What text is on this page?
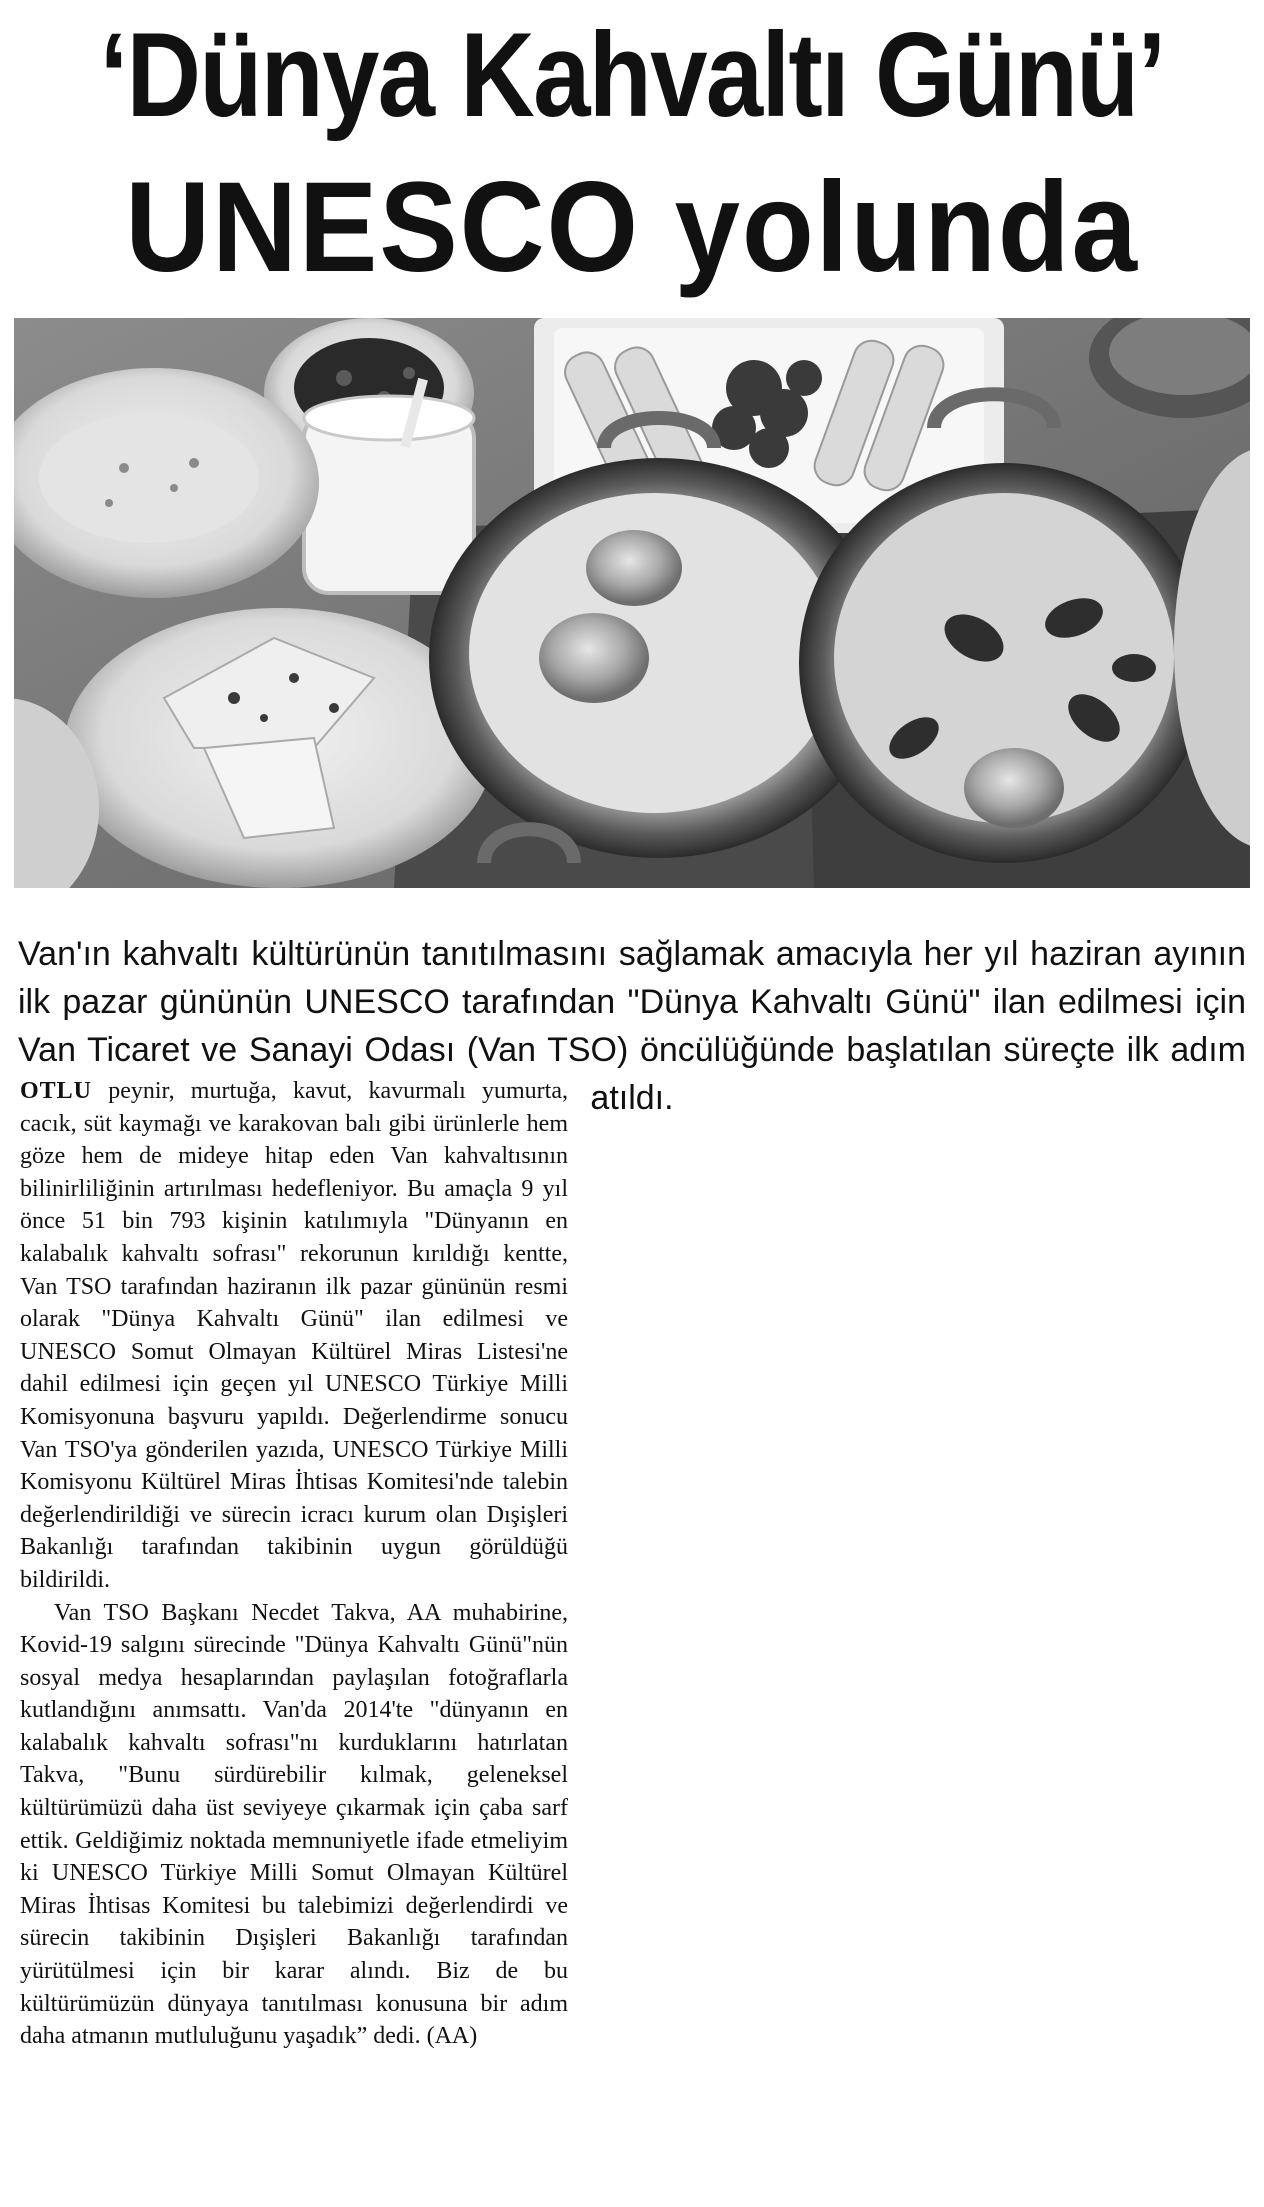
‘Dünya Kahvaltı Günü’
UNESCO yolunda

Van'ın kahvaltı kültürünün tanıtılmasını sağlamak amacıyla her yıl haziran ayının ilk pazar gününün UNESCO tarafından "Dünya Kahvaltı Günü" ilan edilmesi için Van Ticaret ve Sanayi Odası (Van TSO) öncülüğünde başlatılan süreçte ilk adım atıldı.

OTLU peynir, murtuğa, kavut, kavurmalı yumurta, cacık, süt kaymağı ve karakovan balı gibi ürünlerle hem göze hem de mideye hitap eden Van kahvaltısının bilinirliliğinin artırılması hedefleniyor. Bu amaçla 9 yıl önce 51 bin 793 kişinin katılımıyla "Dünyanın en kalabalık kahvaltı sofrası" rekorunun kırıldığı kentte, Van TSO tarafından haziranın ilk pazar gününün resmi olarak "Dünya Kahvaltı Günü" ilan edilmesi ve UNESCO Somut Olmayan Kültürel Miras Listesi'ne dahil edilmesi için geçen yıl UNESCO Türkiye Milli Komisyonuna başvuru yapıldı. Değerlendirme sonucu Van TSO'ya gönderilen yazıda, UNESCO Türkiye Milli Komisyonu Kültürel Miras İhtisas Komitesi'nde talebin değerlendirildiği ve sürecin icracı kurum olan Dışişleri Bakanlığı tarafından takibinin uygun görüldüğü bildirildi.

Van TSO Başkanı Necdet Takva, AA muhabirine, Kovid-19 salgını sürecinde "Dünya Kahvaltı Günü"nün sosyal medya hesaplarından paylaşılan fotoğraflarla kutlandığını anımsattı. Van'da 2014'te "dünyanın en kalabalık kahvaltı sofrası"nı kurduklarını hatırlatan Takva, "Bunu sürdürebilir kılmak, geleneksel kültürümüzü daha üst seviyeye çıkarmak için çaba sarf ettik. Geldiğimiz noktada memnuniyetle ifade etmeliyim ki UNESCO Türkiye Milli Somut Olmayan Kültürel Miras İhtisas Komitesi bu talebimizi değerlendirdi ve sürecin takibinin Dışişleri Bakanlığı tarafından yürütülmesi için bir karar alındı. Biz de bu kültürümüzün dünyaya tanıtılması konusuna bir adım daha atmanın mutluluğunu yaşadık” dedi. (AA)
